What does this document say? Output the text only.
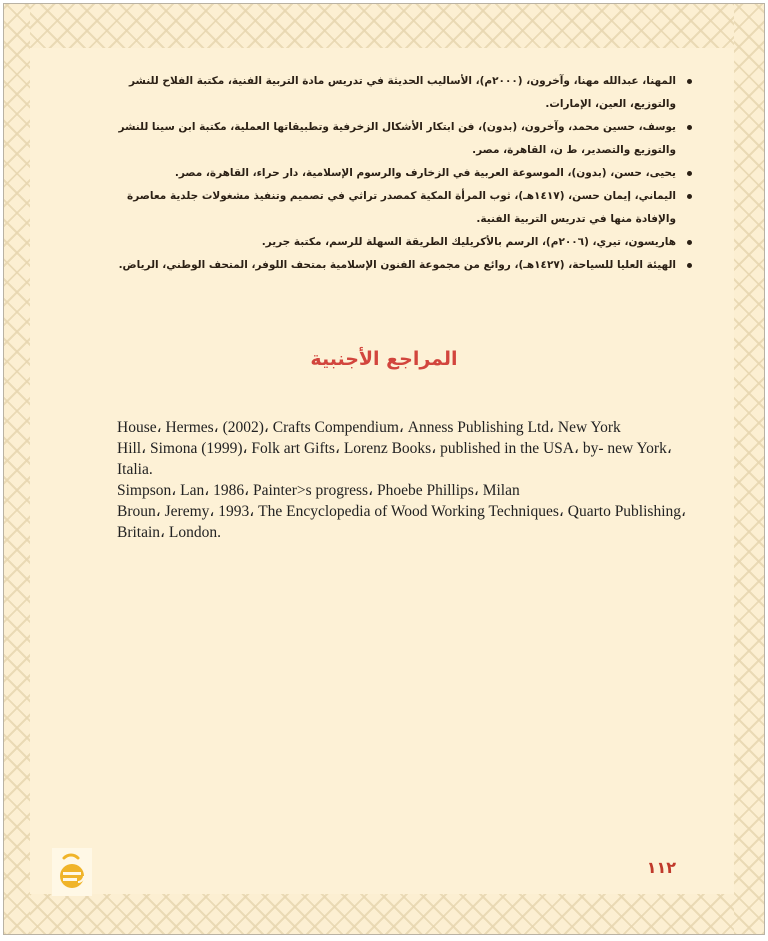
المهنا، عبدالله مهنا، وآخرون، (٢٠٠٠م)، الأساليب الحديثة في تدريس مادة التربية الفنية، مكتبة الفلاح للنشر والتوزيع، العين، الإمارات.
يوسف، حسين محمد، وآخرون، (بدون)، فن ابتكار الأشكال الزخرفية وتطبيقاتها العملية، مكتبة ابن سينا للنشر والتوزيع والتصدير، ط ن، القاهرة، مصر.
يحيى، حسن، (بدون)، الموسوعة العربية في الزخارف والرسوم الإسلامية، دار حراء، القاهرة، مصر.
اليماني، إيمان حسن، (١٤١٧هـ)، ثوب المرأة المكية كمصدر تراثي في تصميم وتنفيذ مشغولات جلدية معاصرة والإفادة منها في تدريس التربية الفنية.
هاريسون، تيري، (٢٠٠٦م)، الرسم بالأكريليك الطريقة السهلة للرسم، مكتبة جرير.
الهيئة العليا للسياحة، (١٤٢٧هـ)، روائع من مجموعة الفنون الإسلامية بمتحف اللوفر، المتحف الوطني، الرياض.
المراجع الأجنبية

House، Hermes، (2002)، Crafts Compendium، Anness Publishing Ltd، New York

Hill، Simona (1999)، Folk art Gifts، Lorenz Books، published in the USA، by- new York، Italia.

Simpson، Lan، 1986، Painter>s progress، Phoebe Phillips، Milan

Broun، Jeremy، 1993، The Encyclopedia of Wood Working Techniques، Quarto Publishing، Britain، London.

١١٢
